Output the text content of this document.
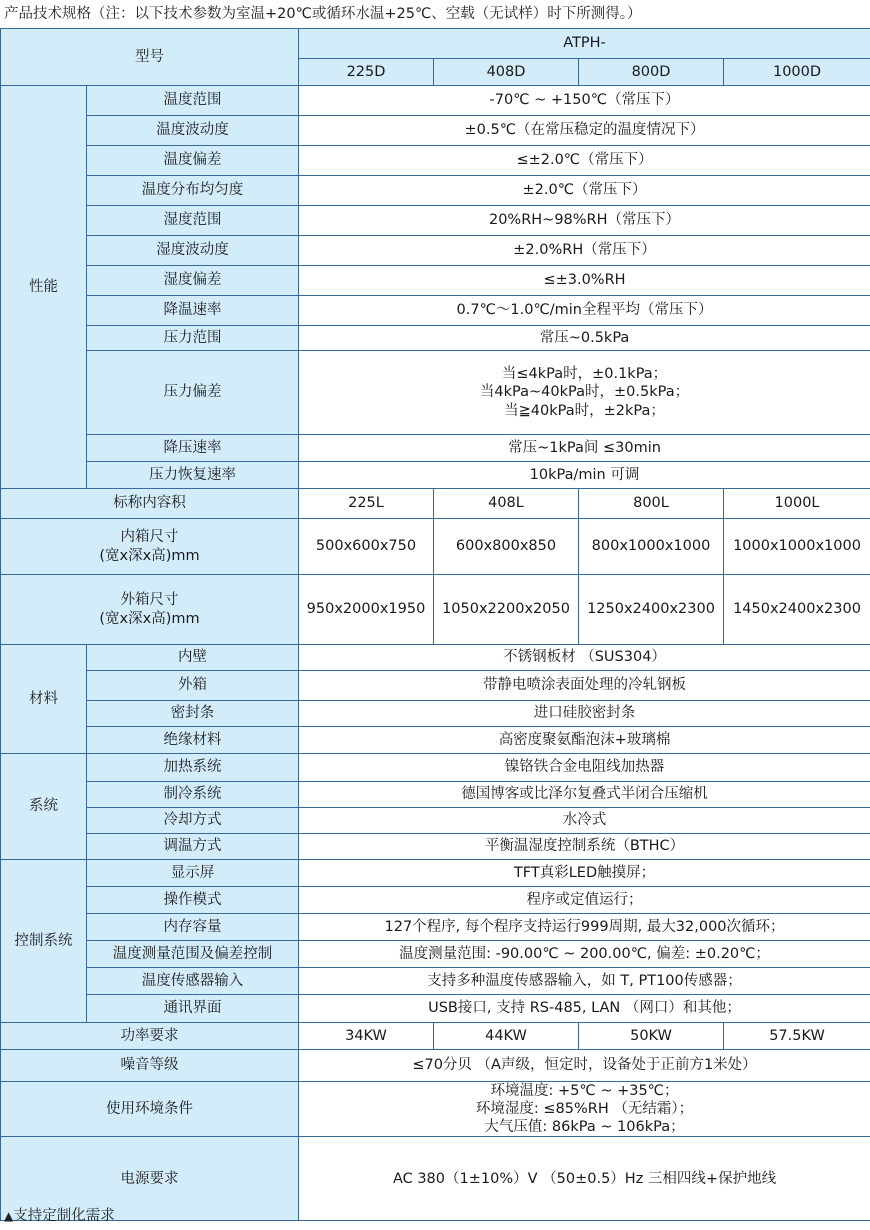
产品技术规格（注：以下技术参数为室温+20℃或循环水温+25℃、空载（无试样）时下所测得。）
型号		ATPH-			
		225D	408D	800D	1000D
性能	温度范围	-70℃ ~ +150℃（常压下）			
	温度波动度	±0.5℃（在常压稳定的温度情况下）			
	温度偏差	≤±2.0℃（常压下）			
	温度分布均匀度	±2.0℃（常压下）			
	湿度范围	20%RH~98%RH（常压下）			
	湿度波动度	±2.0%RH（常压下）			
	湿度偏差	≤±3.0%RH			
	降温速率	0.7℃～1.0℃/min全程平均（常压下）			
	压力范围	常压~0.5kPa			
	压力偏差	当≤4kPa时，±0.1kPa；
当4kPa~40kPa时，±0.5kPa；
当≧40kPa时，±2kPa；			

	降压速率	常压~1kPa间 ≤30min			
	压力恢复速率	10kPa/min 可调			
标称内容积		225L	408L	800L	1000L

内箱尺寸
(宽x深x高)mm		500x600x750	600x800x850	800x1000x1000	1000x1000x1000

外箱尺寸
(宽x深x高)mm		950x2000x1950	1050x2200x2050	1250x2400x2300	1450x2400x2300
材料	内壁	不锈钢板材 （SUS304）			
	外箱	带静电喷涂表面处理的冷轧钢板			
	密封条	进口硅胶密封条			
	绝缘材料	高密度聚氨酯泡沫+玻璃棉			
系统	加热系统	镍铬铁合金电阻线加热器			
	制冷系统	德国博客或比泽尔复叠式半闭合压缩机			
	冷却方式	水冷式			
	调温方式	平衡温湿度控制系统（BTHC）			
控制系统	显示屏	TFT真彩LED触摸屏；			
	操作模式	程序或定值运行；			
	内存容量	127个程序, 每个程序支持运行999周期, 最大32,000次循环；			
	温度测量范围及偏差控制	温度测量范围: -90.00℃ ~ 200.00℃, 偏差: ±0.20℃；			
	温度传感器输入	支持多种温度传感器输入，如 T, PT100传感器；			
	通讯界面	USB接口, 支持 RS-485, LAN （网口）和其他；			
功率要求		34KW	44KW	50KW	57.5KW
噪音等级		≤70分贝 （A声级，恒定时，设备处于正前方1米处）			
使用环境条件		环境温度: +5℃ ~ +35℃；
环境湿度: ≤85%RH （无结霜）；
大气压值: 86kPa ~ 106kPa；			

电源要求		AC 380（1±10%）V （50±0.5）Hz 三相四线+保护地线			
▲支持定制化需求
